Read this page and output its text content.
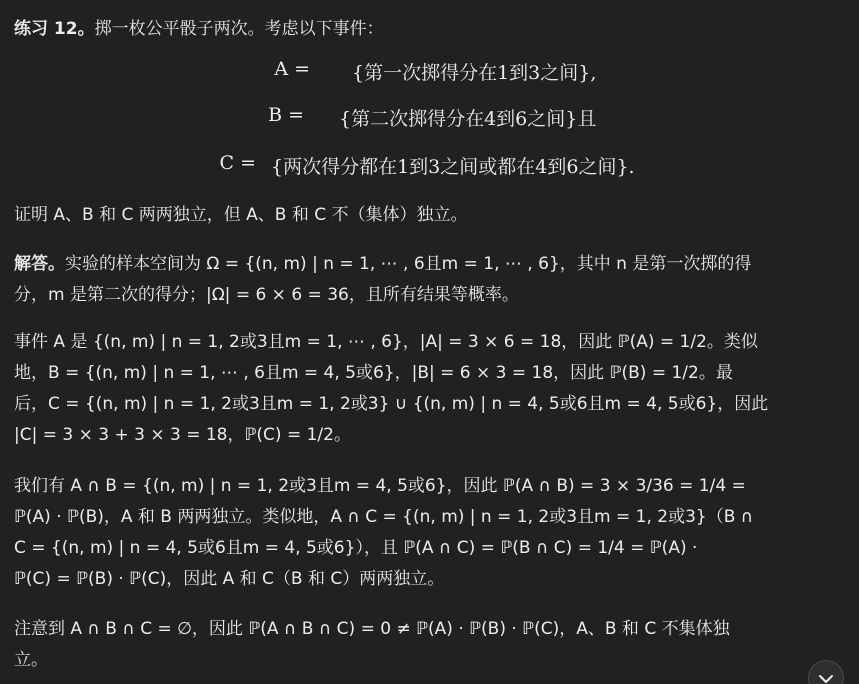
练习 12。掷一枚公平骰子两次。考虑以下事件：
A = {第一次掷得分在1到3之间},
B = {第二次掷得分在4到6之间}且
C = {两次得分都在1到3之间或都在4到6之间}.
证明 A、B 和 C 两两独立，但 A、B 和 C 不（集体）独立。
解答。实验的样本空间为 Ω = {(n, m) | n = 1, ⋯ , 6且m = 1, ⋯ , 6}，其中 n 是第一次掷的得
分，m 是第二次的得分；|Ω| = 6 × 6 = 36，且所有结果等概率。
事件 A 是 {(n, m) | n = 1, 2或3且m = 1, ⋯ , 6}，|A| = 3 × 6 = 18，因此 ℙ(A) = 1/2。类似
地，B = {(n, m) | n = 1, ⋯ , 6且m = 4, 5或6}，|B| = 6 × 3 = 18，因此 ℙ(B) = 1/2。最
后，C = {(n, m) | n = 1, 2或3且m = 1, 2或3} ∪ {(n, m) | n = 4, 5或6且m = 4, 5或6}，因此
|C| = 3 × 3 + 3 × 3 = 18，ℙ(C) = 1/2。
我们有 A ∩ B = {(n, m) | n = 1, 2或3且m = 4, 5或6}，因此 ℙ(A ∩ B) = 3 × 3/36 = 1/4 =
ℙ(A) · ℙ(B)，A 和 B 两两独立。类似地，A ∩ C = {(n, m) | n = 1, 2或3且m = 1, 2或3}（B ∩
C = {(n, m) | n = 4, 5或6且m = 4, 5或6}），且 ℙ(A ∩ C) = ℙ(B ∩ C) = 1/4 = ℙ(A) ·
ℙ(C) = ℙ(B) · ℙ(C)，因此 A 和 C（B 和 C）两两独立。
注意到 A ∩ B ∩ C = ∅，因此 ℙ(A ∩ B ∩ C) = 0 ≠ ℙ(A) · ℙ(B) · ℙ(C)，A、B 和 C 不集体独
立。
